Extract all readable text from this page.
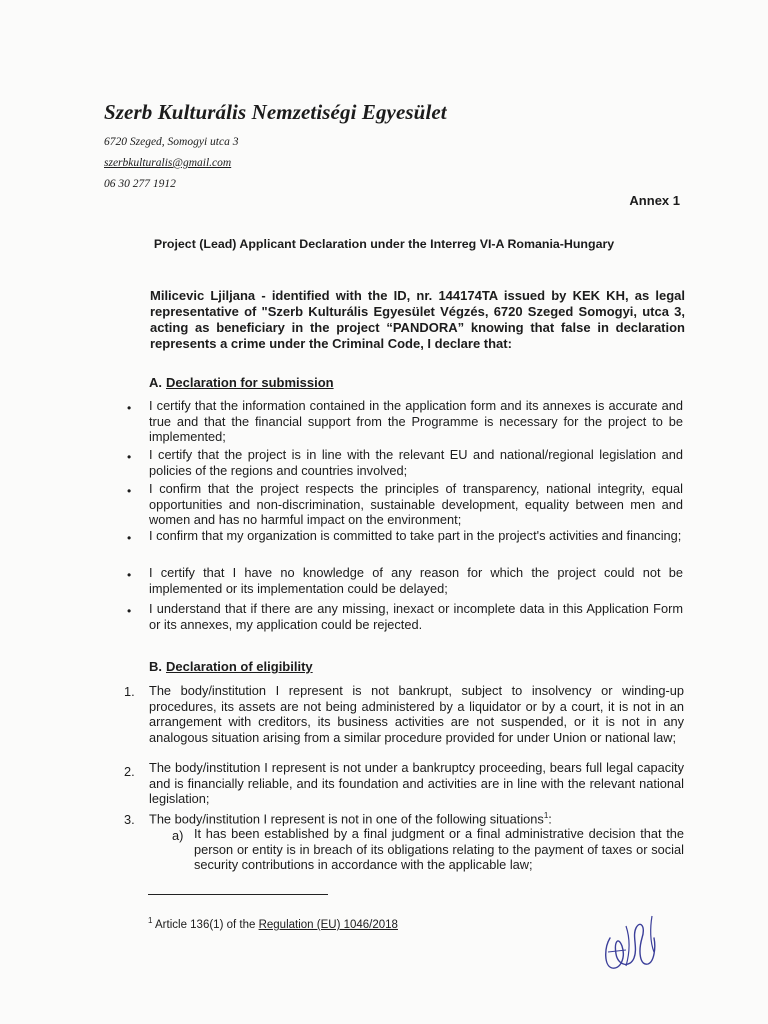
Szerb Kulturális Nemzetiségi Egyesület
6720 Szeged, Somogyi utca 3
szerbkulturalis@gmail.com
06 30 277 1912
Annex 1
Project (Lead) Applicant Declaration under the Interreg VI-A Romania-Hungary
Milicevic Ljiljana - identified with the ID, nr. 144174TA issued by KEK KH, as legal representative of "Szerb Kulturális Egyesület Végzés, 6720 Szeged Somogyi, utca 3, acting as beneficiary in the project “PANDORA” knowing that false in declaration represents a crime under the Criminal Code, I declare that:
A. Declaration for submission
• I certify that the information contained in the application form and its annexes is accurate and true and that the financial support from the Programme is necessary for the project to be implemented;
• I certify that the project is in line with the relevant EU and national/regional legislation and policies of the regions and countries involved;
• I confirm that the project respects the principles of transparency, national integrity, equal opportunities and non-discrimination, sustainable development, equality between men and women and has no harmful impact on the environment;
• I confirm that my organization is committed to take part in the project's activities and financing;
• I certify that I have no knowledge of any reason for which the project could not be implemented or its implementation could be delayed;
• I understand that if there are any missing, inexact or incomplete data in this Application Form or its annexes, my application could be rejected.
B. Declaration of eligibility
1. The body/institution I represent is not bankrupt, subject to insolvency or winding-up procedures, its assets are not being administered by a liquidator or by a court, it is not in an arrangement with creditors, its business activities are not suspended, or it is not in any analogous situation arising from a similar procedure provided for under Union or national law;
2. The body/institution I represent is not under a bankruptcy proceeding, bears full legal capacity and is financially reliable, and its foundation and activities are in line with the relevant national legislation;
3. The body/institution I represent is not in one of the following situations$^1$:
a) It has been established by a final judgment or a final administrative decision that the person or entity is in breach of its obligations relating to the payment of taxes or social security contributions in accordance with the applicable law;
$^1$ Article 136(1) of the Regulation (EU) 1046/2018
